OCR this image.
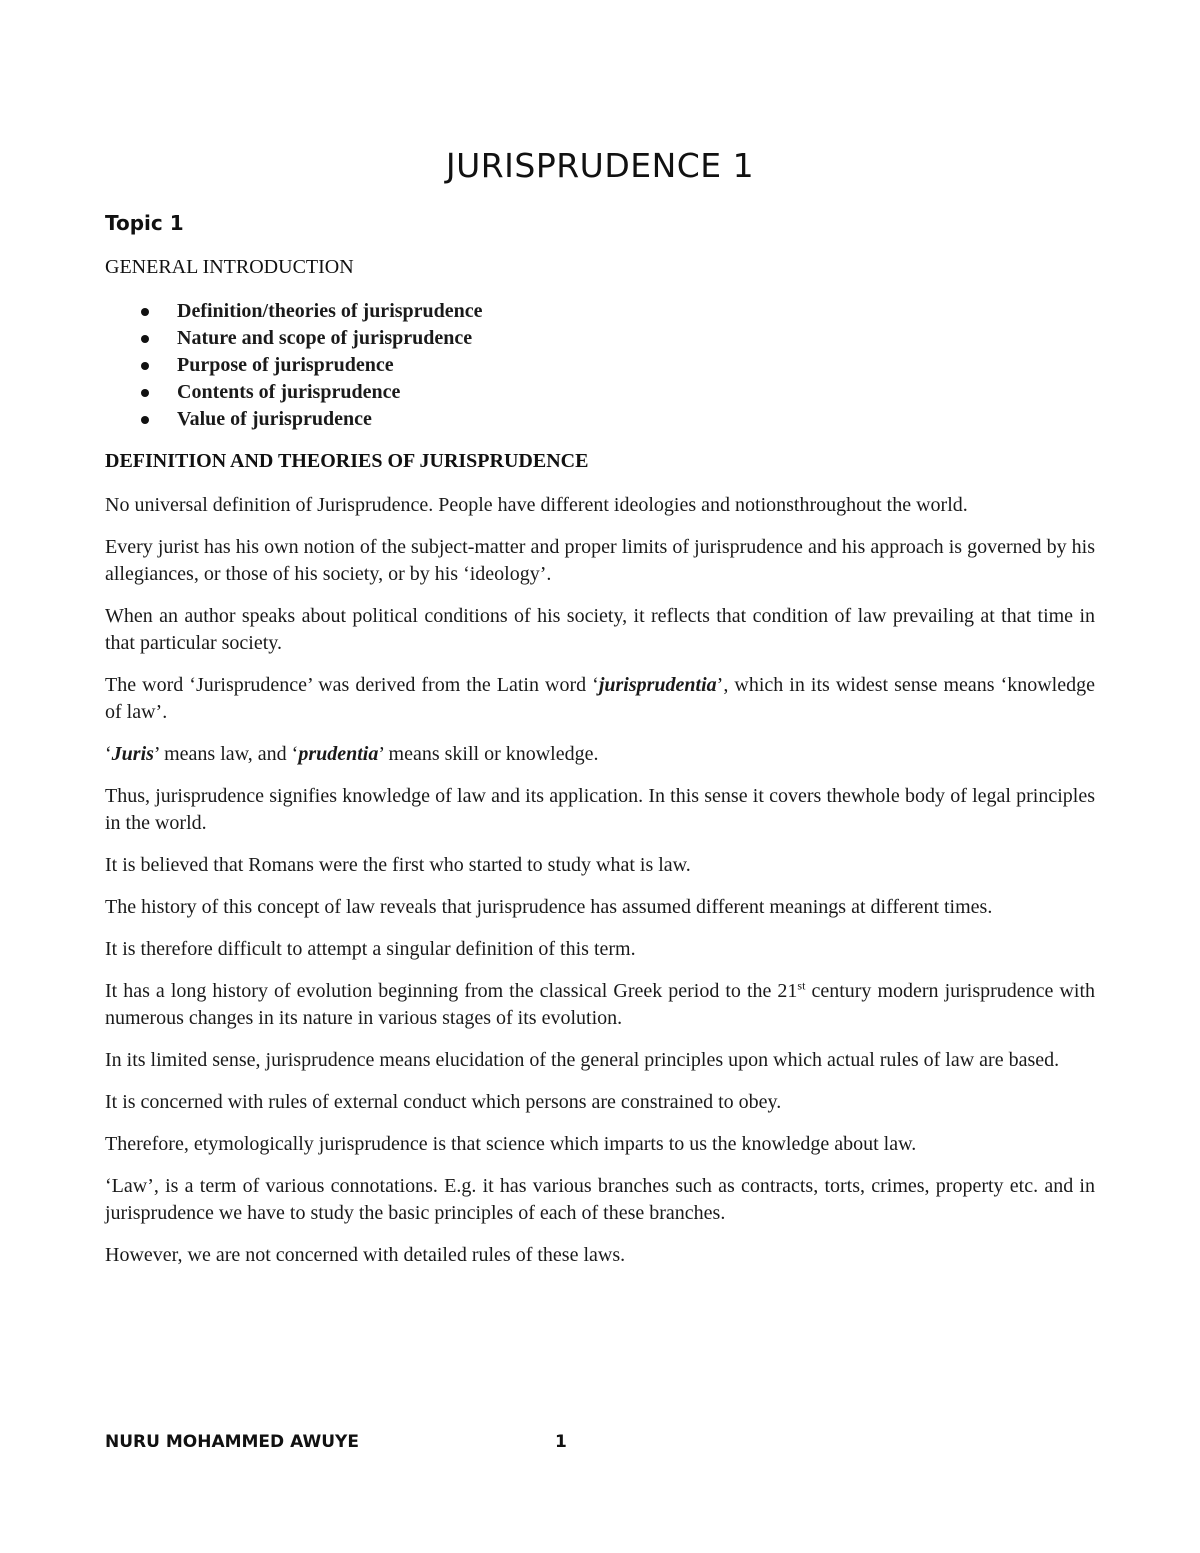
JURISPRUDENCE 1
Topic 1
GENERAL INTRODUCTION
Definition/theories of jurisprudence
Nature and scope of jurisprudence
Purpose of jurisprudence
Contents of jurisprudence
Value of jurisprudence
DEFINITION AND THEORIES OF JURISPRUDENCE

No universal definition of Jurisprudence. People have different ideologies and notionsthroughout the world.

Every jurist has his own notion of the subject-matter and proper limits of jurisprudence and his approach is governed by his allegiances, or those of his society, or by his ‘ideology’.

When an author speaks about political conditions of his society, it reflects that condition of law prevailing at that time in that particular society.

The word ‘Jurisprudence’ was derived from the Latin word ‘jurisprudentia’, which in its widest sense means ‘knowledge of law’.

‘Juris’ means law, and ‘prudentia’ means skill or knowledge.

Thus, jurisprudence signifies knowledge of law and its application. In this sense it covers thewhole body of legal principles in the world.

It is believed that Romans were the first who started to study what is law.

The history of this concept of law reveals that jurisprudence has assumed different meanings at different times.

It is therefore difficult to attempt a singular definition of this term.

It has a long history of evolution beginning from the classical Greek period to the 21st century modern jurisprudence with numerous changes in its nature in various stages of its evolution.

In its limited sense, jurisprudence means elucidation of the general principles upon which actual rules of law are based.

It is concerned with rules of external conduct which persons are constrained to obey.

Therefore, etymologically jurisprudence is that science which imparts to us the knowledge about law.

‘Law’, is a term of various connotations. E.g. it has various branches such as contracts, torts, crimes, property etc. and in jurisprudence we have to study the basic principles of each of these branches.

However, we are not concerned with detailed rules of these laws.

NURU MOHAMMED AWUYE	1
